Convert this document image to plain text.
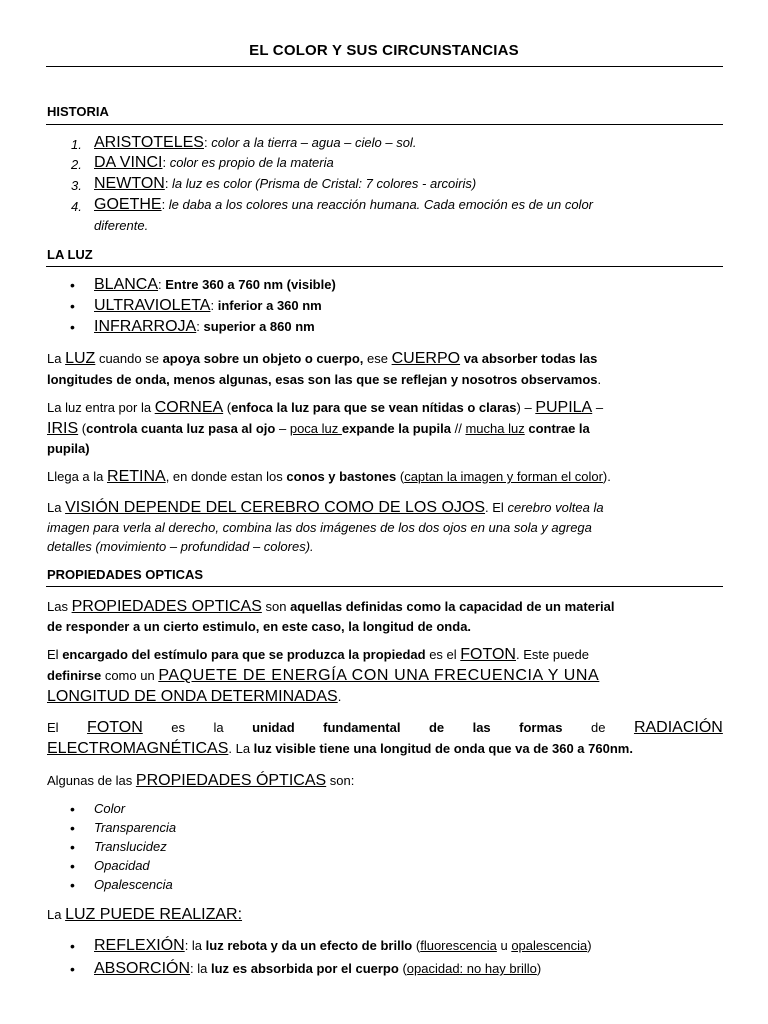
EL COLOR Y SUS CIRCUNSTANCIAS
HISTORIA
1. ARISTOTELES: color a la tierra – agua – cielo – sol.
2. DA VINCI: color es propio de la materia
3. NEWTON: la luz es color (Prisma de Cristal: 7 colores - arcoiris)
4. GOETHE: le daba a los colores una reacción humana. Cada emoción es de un color
diferente.
LA LUZ
• BLANCA: Entre 360 a 760 nm (visible)
• ULTRAVIOLETA: inferior a 360 nm
• INFRARROJA: superior a 860 nm
La LUZ cuando se apoya sobre un objeto o cuerpo, ese CUERPO va absorber todas las
longitudes de onda, menos algunas, esas son las que se reflejan y nosotros observamos.
La luz entra por la CORNEA (enfoca la luz para que se vean nítidas o claras) – PUPILA –
IRIS (controla cuanta luz pasa al ojo – poca luz expande la pupila // mucha luz contrae la
pupila)
Llega a la RETINA, en donde estan los conos y bastones (captan la imagen y forman el color).
La VISIÓN DEPENDE DEL CEREBRO COMO DE LOS OJOS. El cerebro voltea la
imagen para verla al derecho, combina las dos imágenes de los dos ojos en una sola y agrega
detalles (movimiento – profundidad – colores).
PROPIEDADES OPTICAS
Las PROPIEDADES OPTICAS son aquellas definidas como la capacidad de un material
de responder a un cierto estimulo, en este caso, la longitud de onda.
El encargado del estímulo para que se produzca la propiedad es el FOTON. Este puede
definirse como un PAQUETE DE ENERGÍA CON UNA FRECUENCIA Y UNA
LONGITUD DE ONDA DETERMINADAS.
El FOTON es la unidad fundamental de las formas de RADIACIÓN
ELECTROMAGNÉTICAS. La luz visible tiene una longitud de onda que va de 360 a 760nm.
Algunas de las PROPIEDADES ÓPTICAS son:
• Color
• Transparencia
• Translucidez
• Opacidad
• Opalescencia
La LUZ PUEDE REALIZAR:
• REFLEXIÓN: la luz rebota y da un efecto de brillo (fluorescencia u opalescencia)
• ABSORCIÓN: la luz es absorbida por el cuerpo (opacidad: no hay brillo)
